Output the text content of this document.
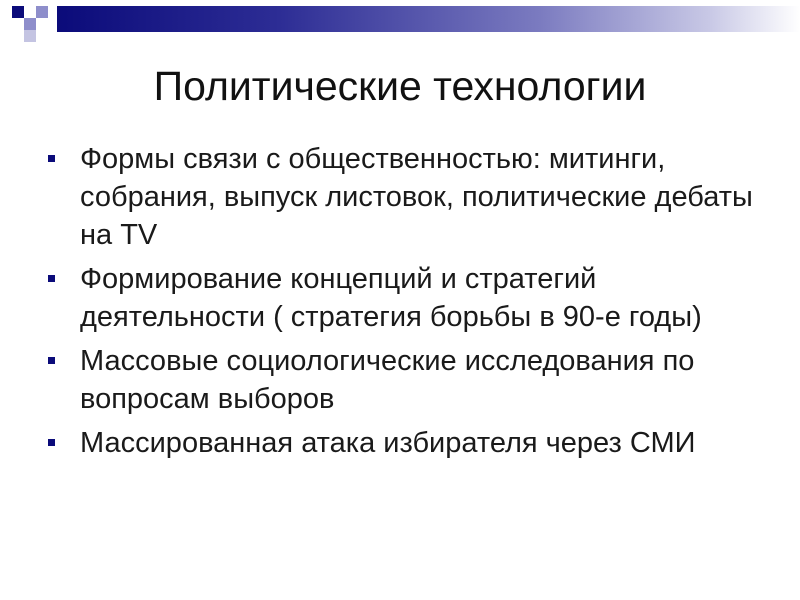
Политические технологии
Формы связи с общественностью: митинги, собрания, выпуск листовок, политические дебаты на TV
Формирование концепций и стратегий деятельности ( стратегия борьбы в 90-е годы)
Массовые социологические исследования по вопросам выборов
Массированная атака избирателя через СМИ
